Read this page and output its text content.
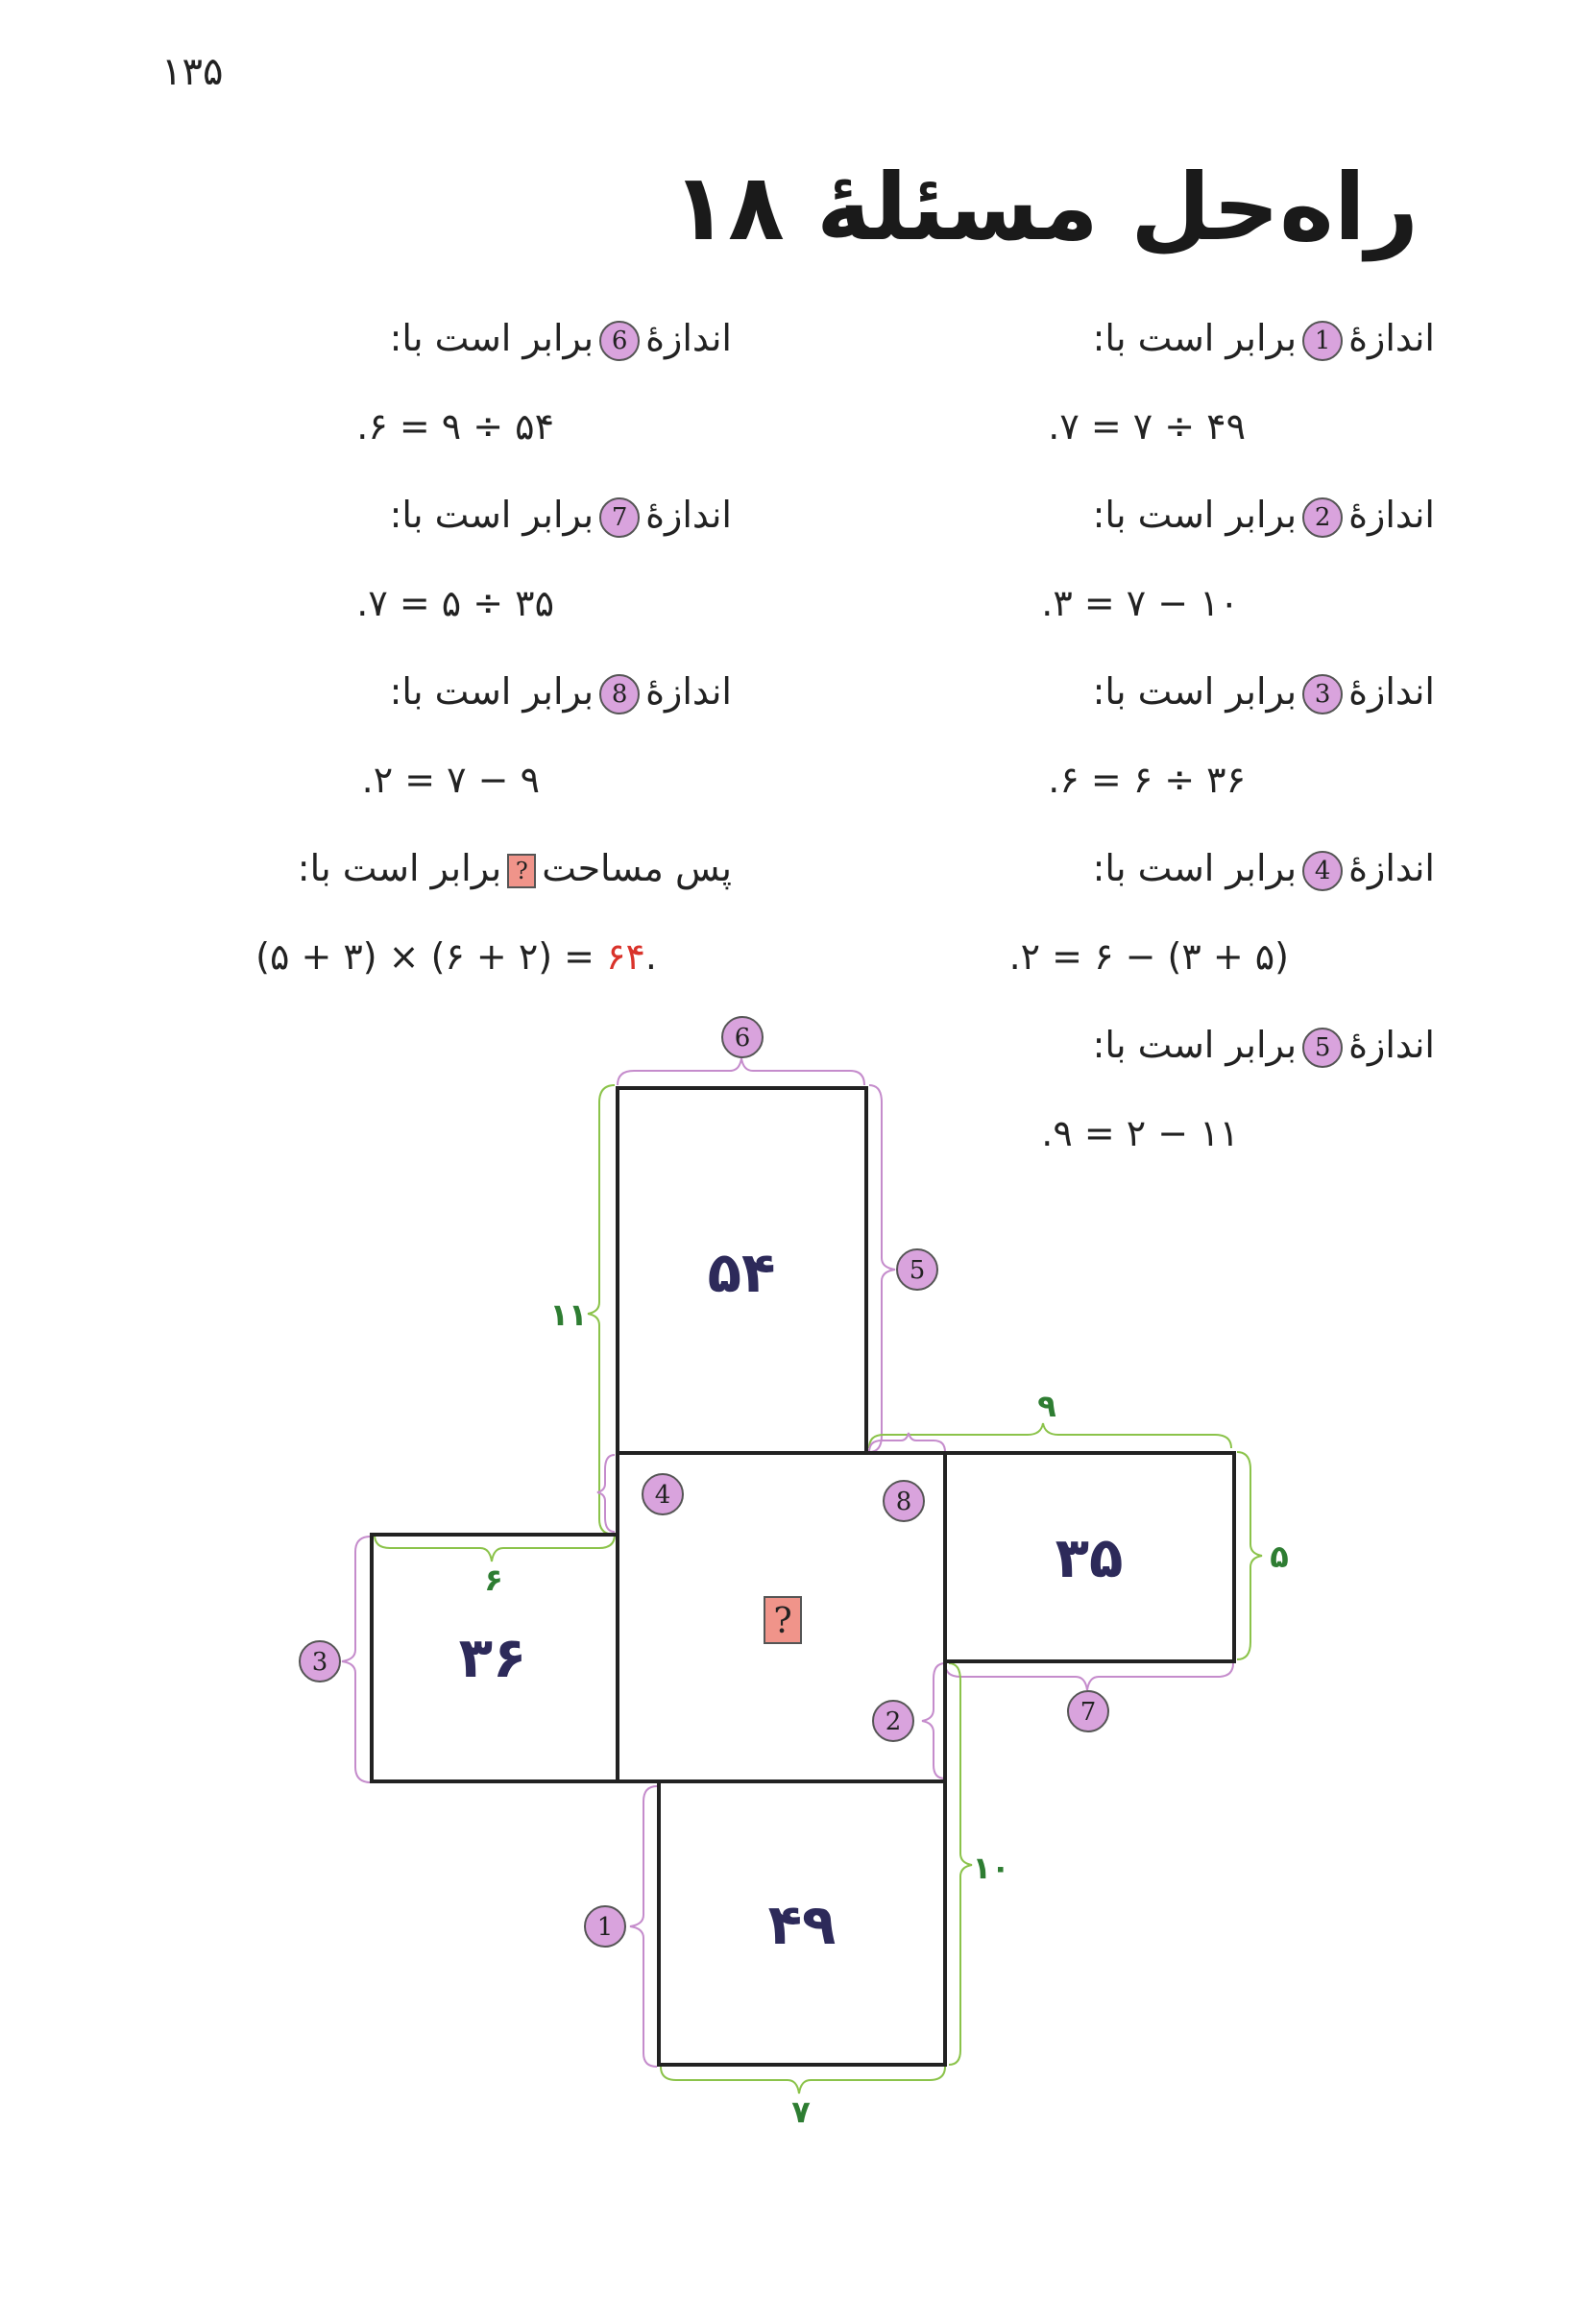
۱۳۵
راه‌حل مسئلهٔ ۱۸
اندازهٔ1برابر است با:
۴۹ ÷ ۷ = ۷.
اندازهٔ2برابر است با:
۱۰ − ۷ = ۳.
اندازهٔ3برابر است با:
۳۶ ÷ ۶ = ۶.
اندازهٔ4برابر است با:
(۵ + ۳) − ۶ = ۲.
اندازهٔ5برابر است با:
۱۱ − ۲ = ۹.
اندازهٔ6برابر است با:
۵۴ ÷ ۹ = ۶.
اندازهٔ7برابر است با:
۳۵ ÷ ۵ = ۷.
اندازهٔ8برابر است با:
۹ − ۷ = ۲.
پس مساحت?برابر است با:
(۵ + ۳) × (۶ + ۲) = ۶۴.
۵۴
۳۵
۳۶
۴۹
?
۱۱
۹
۵
۶
۱۰
۷
6
5
4	8
3
7
2
1
